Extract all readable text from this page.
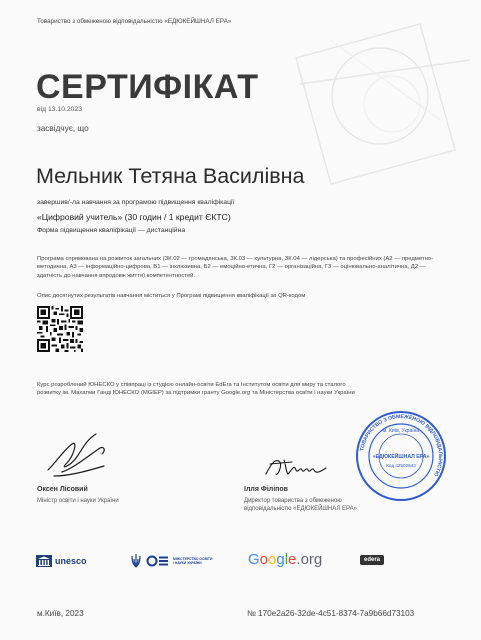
Товариство з обмеженою відповідальністю «ЕДЮКЕЙШНАЛ ЕРА»
СЕРТИФІКАТ
від 13.10.2023
засвідчує, що
Мельник Тетяна Василівна
завершив/-ла навчання за програмою підвищення кваліфікації
«Цифровий учитель» (30 годин / 1 кредит ЄКТС)
Форма підвищення кваліфікації — дистанційна
Програма спрямована на розвиток загальних (ЗК.02 — громадянська, ЗК.03 — культурна, ЗК.04 — лідерська) та професійних (А2 — предметно-методична, А3 — інформаційно-цифрова, В1 — інклюзивна, Б2 — емоційно-етична, Г2 — організаційна, Г3 — оцінювально-аналітична, Д2 — здатність до навчання впродовж життя) компетентностей.
Опис досягнутих результатів навчання міститься у Програмі підвищення кваліфікації за QR-кодом
Курс розроблений ЮНЕСКО у співпраці із студією онлайн-освіти EdEra та Інститутом освіти для миру та сталого розвитку ім. Махатми Ганді ЮНЕСКО (MGIEP) за підтримки гранту Google.org та Міністерства освіти і науки України
Оксен Лісовий
Міністр освіти і науки України
Ілля Філіпов
Директор товариства з обмеженою відповідальністю «ЕДЮКЕЙШНАЛ ЕРА»
ТОВАРИСТВО З ОБМЕЖЕНОЮ ВІДПОВІДАЛЬНІСТЮ
м. Київ, Україна
«ЕДЮКЕЙШНАЛ ЕРА»
Код 42502643
unesco	МІНІСТЕРСТВО ОСВІТИ І НАУКИ УКРАЇНИ	Google.org	edera
м.Київ, 2023	№ 170e2a26-32de-4c51-8374-7a9b66d73103
